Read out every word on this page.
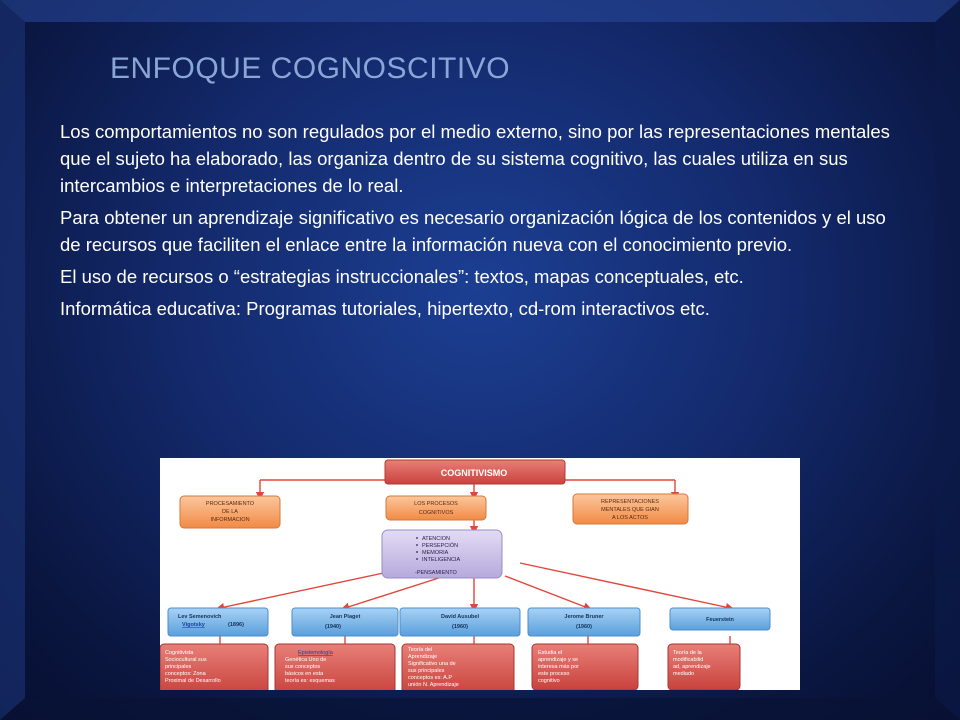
ENFOQUE COGNOSCITIVO

Los comportamientos no son regulados por el medio externo, sino por las representaciones mentales que el sujeto ha elaborado, las organiza dentro de su sistema cognitivo, las cuales utiliza en sus intercambios e interpretaciones de lo real.

Para obtener un aprendizaje significativo es necesario organización lógica de los contenidos y el uso de recursos que faciliten el enlace entre la información nueva con el conocimiento previo.

El uso de recursos o “estrategias instruccionales”: textos, mapas conceptuales, etc.

Informática educativa: Programas tutoriales, hipertexto, cd-rom interactivos etc.

COGNITIVISMO
PROCESAMIENTO
DE LA
INFORMACION
LOS PROCESOS
COGNITIVOS
REPRESENTACIONES
MENTALES QUE GIAN
A LOS ACTOS
ATENCION
PERSEPCIÓN
MEMORIA
INTELIGENCIA
-PENSAMIENTO
Lev Semenovich
Vigotsky	(1896)
Cognitivista
Sociocultural sus
principales
conceptos: Zona
Proximal de Desarrollo
Jean Piaget
(1940)
Epistemología
Genética Uno de
sus conceptos
básicos en esta
teoría es: esquemas
David Ausubel
(1960)
Teoría del
Aprendizaje
Significativo una de
sus principales
conceptos es: A.P
unión N. Aprendizaje
Jerome Bruner
(1960)
Estudia el
aprendizaje y se
interesa más por
este proceso
cognitivo
Feuerstein
Teoría de la
modificabilid
ad, aprendizaje
mediado
